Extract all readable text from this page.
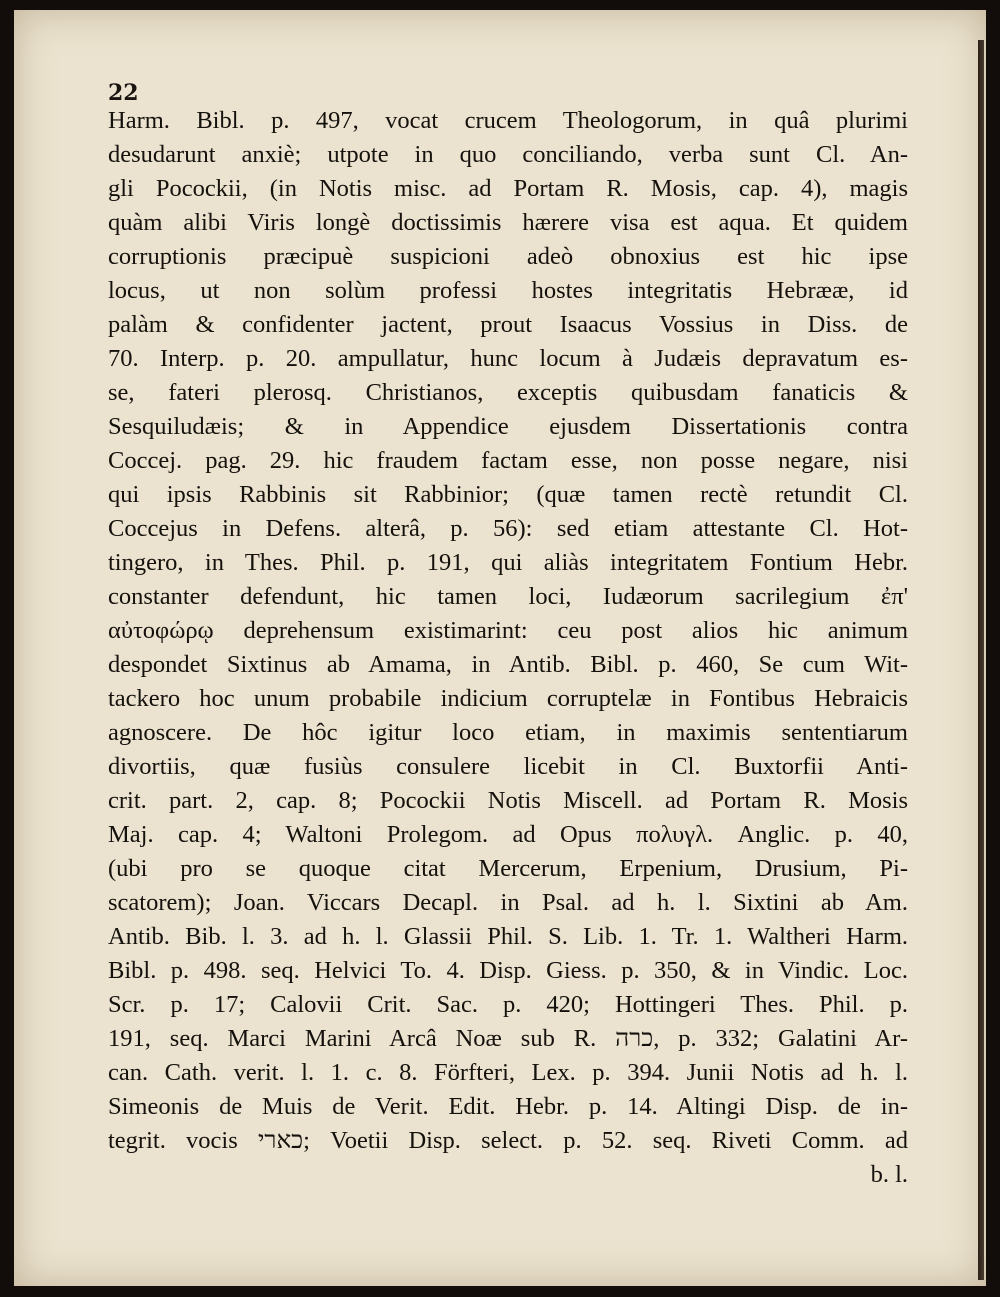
22
Harm. Bibl. p. 497, vocat crucem Theologorum, in quâ plurimi
desudarunt anxiè; utpote in quo conciliando, verba sunt Cl. An-
gli Pocockii, (in Notis misc. ad Portam R. Mosis, cap. 4), magis
quàm alibi Viris longè doctissimis hærere visa est aqua. Et quidem
corruptionis præcipuè suspicioni adeò obnoxius est hic ipse
locus, ut non solùm professi hostes integritatis Hebrææ, id
palàm & confidenter jactent, prout Isaacus Vossius in Diss. de
70. Interp. p. 20. ampullatur, hunc locum à Judæis depravatum es-
se, fateri plerosq. Christianos, exceptis quibusdam fanaticis &
Sesquiludæis; & in Appendice ejusdem Dissertationis contra
Coccej. pag. 29. hic fraudem factam esse, non posse negare, nisi
qui ipsis Rabbinis sit Rabbinior; (quæ tamen rectè retundit Cl.
Coccejus in Defens. alterâ, p. 56): sed etiam attestante Cl. Hot-
tingero, in Thes. Phil. p. 191, qui aliàs integritatem Fontium Hebr.
constanter defendunt, hic tamen loci, Iudæorum sacrilegium ἐπ'
αὐτοφώρῳ deprehensum existimarint: ceu post alios hic animum
despondet Sixtinus ab Amama, in Antib. Bibl. p. 460, Se cum Wit-
tackero hoc unum probabile indicium corruptelæ in Fontibus Hebraicis
agnoscere. De hôc igitur loco etiam, in maximis sententiarum
divortiis, quæ fusiùs consulere licebit in Cl. Buxtorfii Anti-
crit. part. 2, cap. 8; Pocockii Notis Miscell. ad Portam R. Mosis
Maj. cap. 4; Waltoni Prolegom. ad Opus πολυγλ. Anglic. p. 40,
(ubi pro se quoque citat Mercerum, Erpenium, Drusium, Pi-
scatorem); Joan. Viccars Decapl. in Psal. ad h. l. Sixtini ab Am.
Antib. Bib. l. 3. ad h. l. Glassii Phil. S. Lib. 1. Tr. 1. Waltheri Harm.
Bibl. p. 498. seq. Helvici To. 4. Disp. Giess. p. 350, & in Vindic. Loc.
Scr. p. 17; Calovii Crit. Sac. p. 420; Hottingeri Thes. Phil. p.
191, seq. Marci Marini Arcâ Noæ sub R. כרה, p. 332; Galatini Ar-
can. Cath. verit. l. 1. c. 8. Förfteri, Lex. p. 394. Junii Notis ad h. l.
Simeonis de Muis de Verit. Edit. Hebr. p. 14. Altingi Disp. de in-
tegrit. vocis כארי; Voetii Disp. select. p. 52. seq. Riveti Comm. ad
b. l.
